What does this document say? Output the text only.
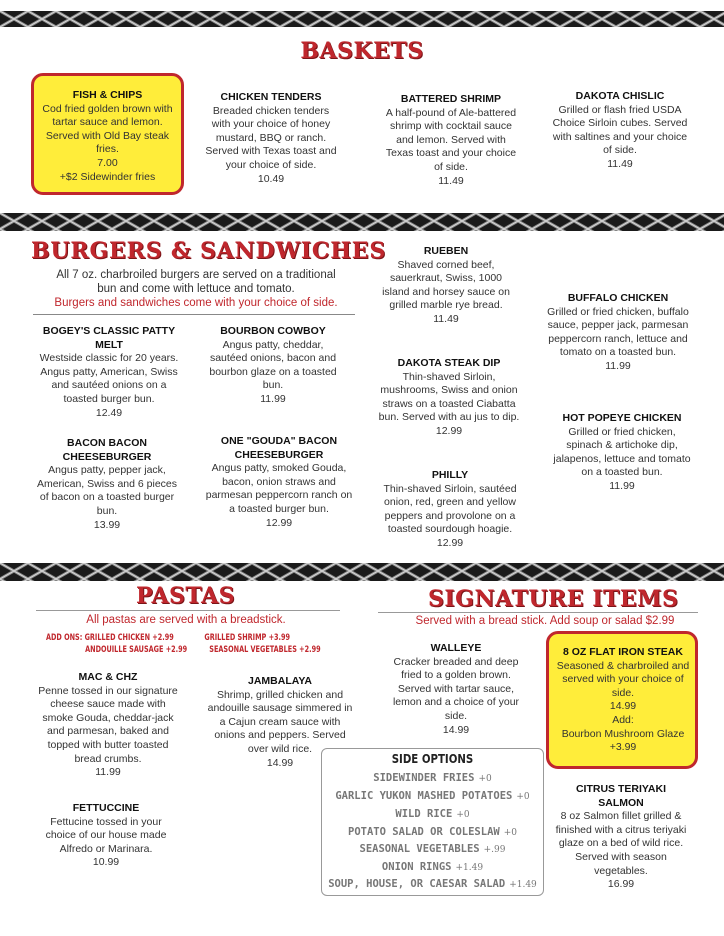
BASKETS
FISH & CHIPS
Cod fried golden brown with tartar sauce and lemon. Served with Old Bay steak fries.
7.00
+$2 Sidewinder fries
CHICKEN TENDERS
Breaded chicken tenders with your choice of honey mustard, BBQ or ranch. Served with Texas toast and your choice of side.
10.49
BATTERED SHRIMP
A half-pound of Ale-battered shrimp with cocktail sauce and lemon. Served with Texas toast and your choice of side.
11.49
DAKOTA CHISLIC
Grilled or flash fried USDA Choice Sirloin cubes. Served with saltines and your choice of side.
11.49
BURGERS & SANDWICHES
All 7 oz. charbroiled burgers are served on a traditional
bun and come with lettuce and tomato.
Burgers and sandwiches come with your choice of side.
BOGEY'S CLASSIC PATTY MELT
Westside classic for 20 years. Angus patty, American, Swiss and sautéed onions on a toasted burger bun.
12.49
BOURBON COWBOY
Angus patty, cheddar, sautéed onions, bacon and bourbon glaze on a toasted bun.
11.99
BACON BACON CHEESEBURGER
Angus patty, pepper jack, American, Swiss and 6 pieces of bacon on a toasted burger bun.
13.99
ONE "GOUDA" BACON CHEESEBURGER
Angus patty, smoked Gouda, bacon, onion straws and parmesan peppercorn ranch on a toasted burger bun.
12.99
RUEBEN
Shaved corned beef, sauerkraut, Swiss, 1000 island and horsey sauce on grilled marble rye bread.
11.49
DAKOTA STEAK DIP
Thin-shaved Sirloin, mushrooms, Swiss and onion straws on a toasted Ciabatta bun. Served with au jus to dip.
12.99
PHILLY
Thin-shaved Sirloin, sautéed onion, red, green and yellow peppers and provolone on a toasted sourdough hoagie.
12.99
BUFFALO CHICKEN
Grilled or fried chicken, buffalo sauce, pepper jack, parmesan peppercorn ranch, lettuce and tomato on a toasted bun.
11.99
HOT POPEYE CHICKEN
Grilled or fried chicken, spinach & artichoke dip, jalapenos, lettuce and tomato on a toasted bun.
11.99
PASTAS
All pastas are served with a breadstick.
ADD ONS: GRILLED CHICKEN +2.99	GRILLED SHRIMP +3.99
ANDOUILLE SAUSAGE +2.99	SEASONAL VEGETABLES +2.99
MAC & CHZ
Penne tossed in our signature cheese sauce made with smoke Gouda, cheddar-jack and parmesan, baked and topped with butter toasted bread crumbs.
11.99
JAMBALAYA
Shrimp, grilled chicken and andouille sausage simmered in a Cajun cream sauce with onions and peppers. Served over wild rice.
14.99
FETTUCCINE
Fettucine tossed in your choice of our house made Alfredo or Marinara.
10.99
SIGNATURE ITEMS
Served with a bread stick. Add soup or salad $2.99
WALLEYE
Cracker breaded and deep fried to a golden brown. Served with tartar sauce, lemon and a choice of your side.
14.99
8 OZ FLAT IRON STEAK
Seasoned & charbroiled and served with your choice of side.
14.99
Add:
Bourbon Mushroom Glaze +3.99
CITRUS TERIYAKI SALMON
8 oz Salmon fillet grilled & finished with a citrus teriyaki glaze on a bed of wild rice. Served with season vegetables.
16.99
SIDE OPTIONS
SIDEWINDER FRIES +0
GARLIC YUKON MASHED POTATOES +0
WILD RICE +0
POTATO SALAD OR COLESLAW +0
SEASONAL VEGETABLES +.99
ONION RINGS +1.49
SOUP, HOUSE, OR CAESAR SALAD +1.49
